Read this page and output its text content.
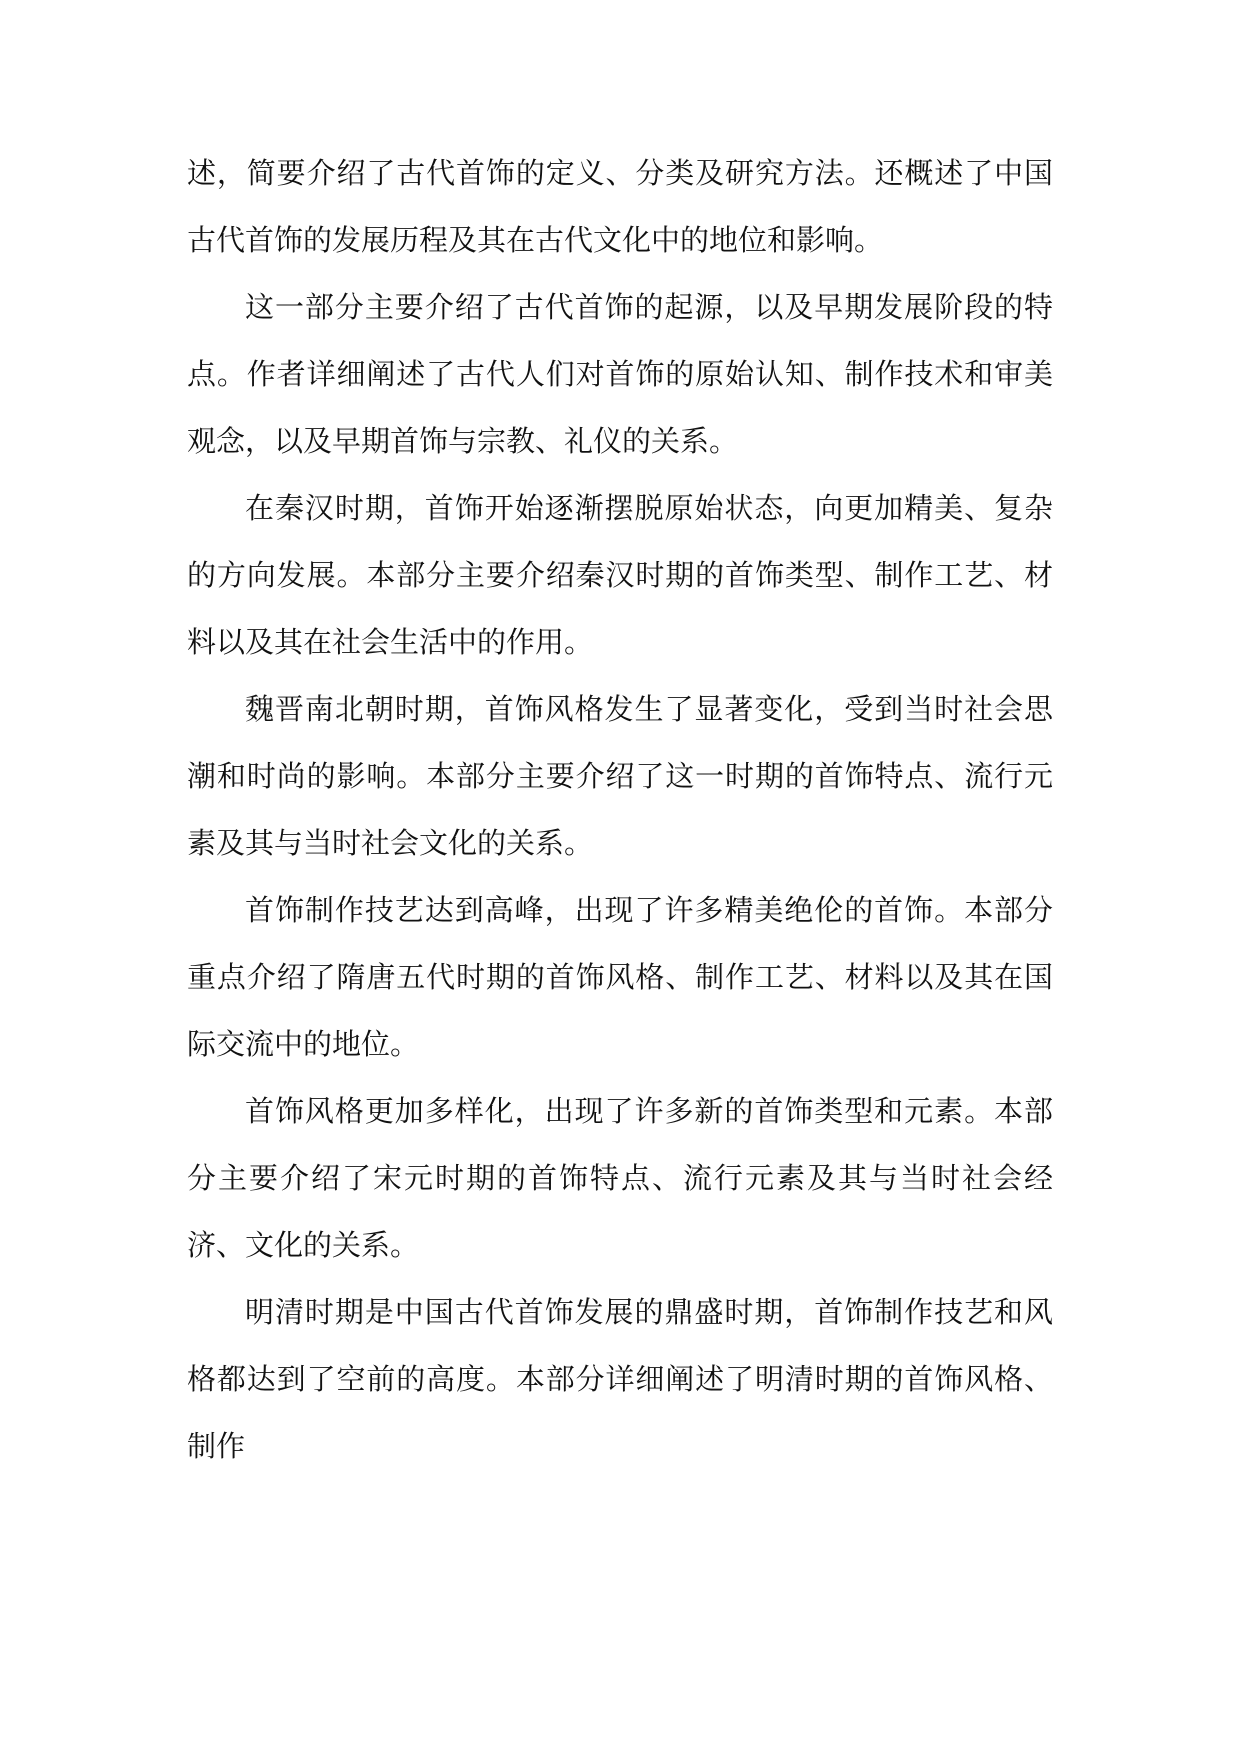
述，简要介绍了古代首饰的定义、分类及研究方法。还概述了中国古代首饰的发展历程及其在古代文化中的地位和影响。

这一部分主要介绍了古代首饰的起源，以及早期发展阶段的特点。作者详细阐述了古代人们对首饰的原始认知、制作技术和审美观念，以及早期首饰与宗教、礼仪的关系。

在秦汉时期，首饰开始逐渐摆脱原始状态，向更加精美、复杂的方向发展。本部分主要介绍秦汉时期的首饰类型、制作工艺、材料以及其在社会生活中的作用。

魏晋南北朝时期，首饰风格发生了显著变化，受到当时社会思潮和时尚的影响。本部分主要介绍了这一时期的首饰特点、流行元素及其与当时社会文化的关系。

首饰制作技艺达到高峰，出现了许多精美绝伦的首饰。本部分重点介绍了隋唐五代时期的首饰风格、制作工艺、材料以及其在国际交流中的地位。

首饰风格更加多样化，出现了许多新的首饰类型和元素。本部分主要介绍了宋元时期的首饰特点、流行元素及其与当时社会经济、文化的关系。

明清时期是中国古代首饰发展的鼎盛时期，首饰制作技艺和风格都达到了空前的高度。本部分详细阐述了明清时期的首饰风格、制作
